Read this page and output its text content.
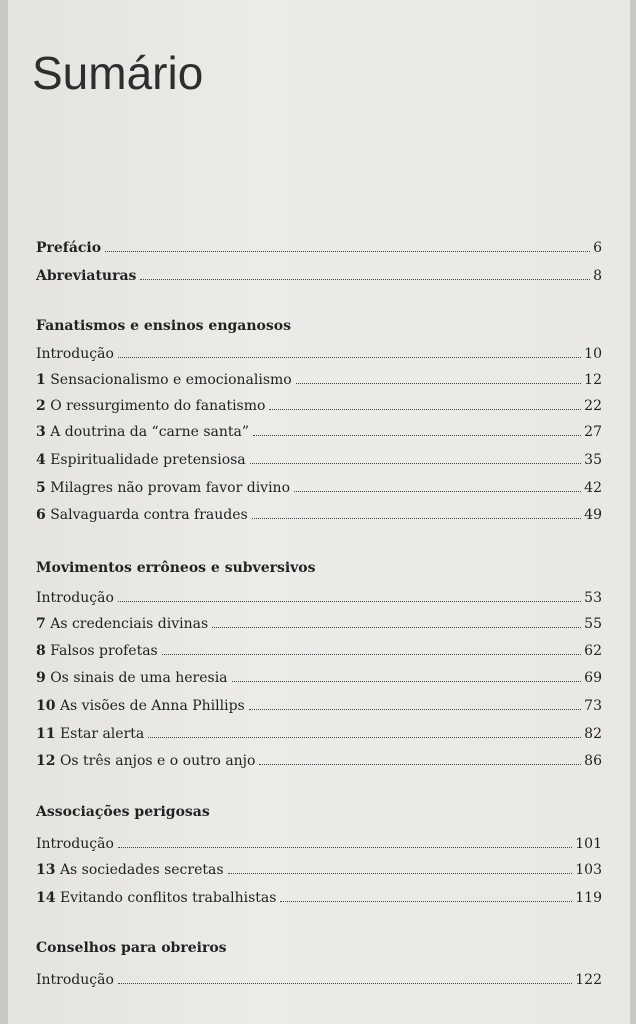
Sumário
Prefácio	6
Abreviaturas	8
Fanatismos e ensinos enganosos
Introdução	10
1 Sensacionalismo e emocionalismo	12
2 O ressurgimento do fanatismo	22
3 A doutrina da “carne santa”	27
4 Espiritualidade pretensiosa	35
5 Milagres não provam favor divino	42
6 Salvaguarda contra fraudes	49
Movimentos errôneos e subversivos
Introdução	53
7 As credenciais divinas	55
8 Falsos profetas	62
9 Os sinais de uma heresia	69
10 As visões de Anna Phillips	73
11 Estar alerta	82
12 Os três anjos e o outro anjo	86
Associações perigosas
Introdução	101
13 As sociedades secretas	103
14 Evitando conflitos trabalhistas	119
Conselhos para obreiros
Introdução	122
